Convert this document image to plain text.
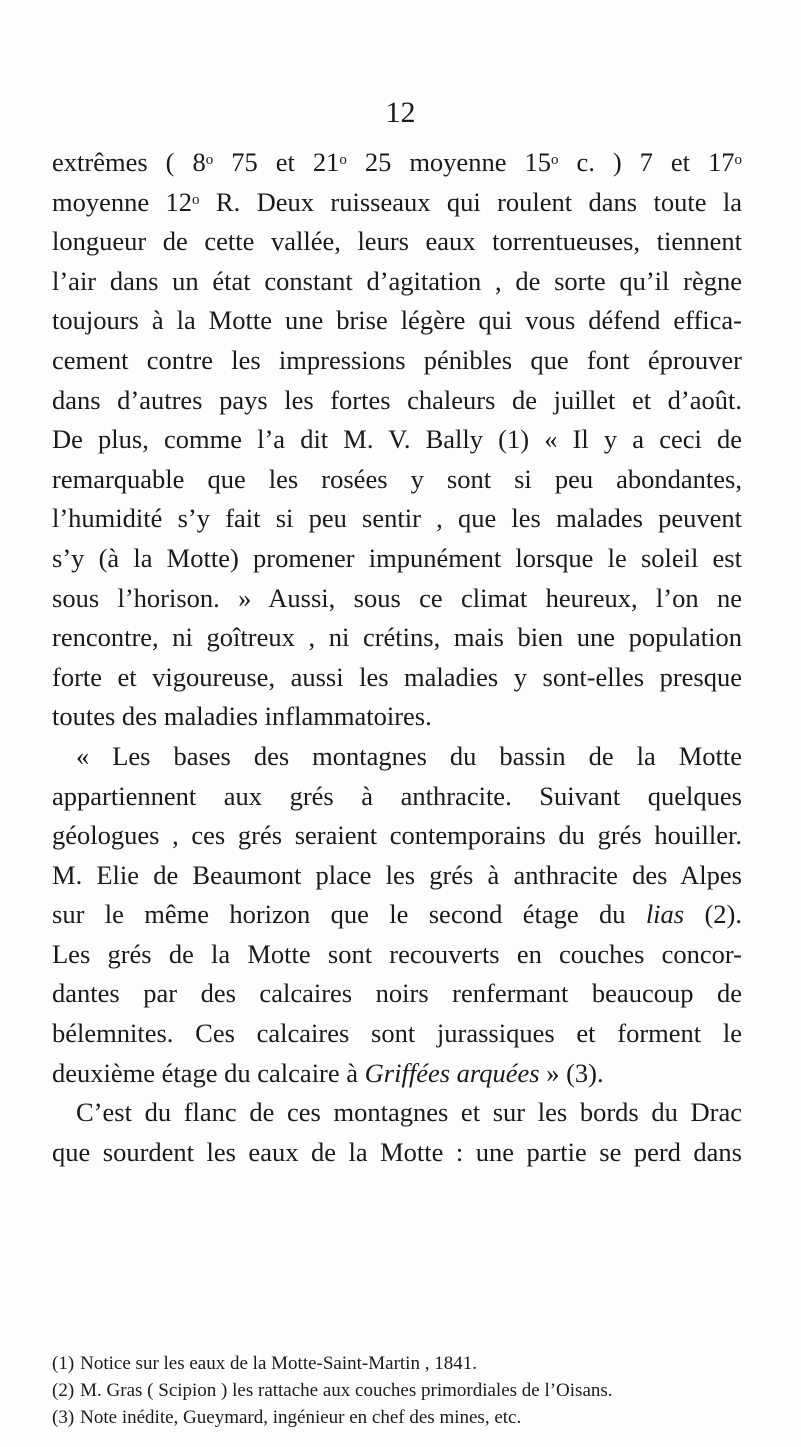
12
extrêmes ( 8$^o$ 75 et 21$^o$ 25 moyenne 15$^o$ c. ) 7 et 17$^o$
moyenne 12$^o$ R. Deux ruisseaux qui roulent dans toute la
longueur de cette vallée, leurs eaux torrentueuses, tiennent
l’air dans un état constant d’agitation , de sorte qu’il règne
toujours à la Motte une brise légère qui vous défend effica-
cement contre les impressions pénibles que font éprouver
dans d’autres pays les fortes chaleurs de juillet et d’août.
De plus, comme l’a dit M. V. Bally (1) « Il y a ceci de
remarquable que les rosées y sont si peu abondantes,
l’humidité s’y fait si peu sentir , que les malades peuvent
s’y (à la Motte) promener impunément lorsque le soleil est
sous l’horison. » Aussi, sous ce climat heureux, l’on ne
rencontre, ni goîtreux , ni crétins, mais bien une population
forte et vigoureuse, aussi les maladies y sont-elles presque
toutes des maladies inflammatoires.
« Les bases des montagnes du bassin de la Motte
appartiennent aux grés à anthracite. Suivant quelques
géologues , ces grés seraient contemporains du grés houiller.
M. Elie de Beaumont place les grés à anthracite des Alpes
sur le même horizon que le second étage du lias (2).
Les grés de la Motte sont recouverts en couches concor-
dantes par des calcaires noirs renfermant beaucoup de
bélemnites. Ces calcaires sont jurassiques et forment le
deuxième étage du calcaire à Griffées arquées » (3).
C’est du flanc de ces montagnes et sur les bords du Drac
que sourdent les eaux de la Motte : une partie se perd dans
(1) Notice sur les eaux de la Motte-Saint-Martin , 1841.
(2) M. Gras ( Scipion ) les rattache aux couches primordiales de l’Oisans.
(3) Note inédite, Gueymard, ingénieur en chef des mines, etc.
